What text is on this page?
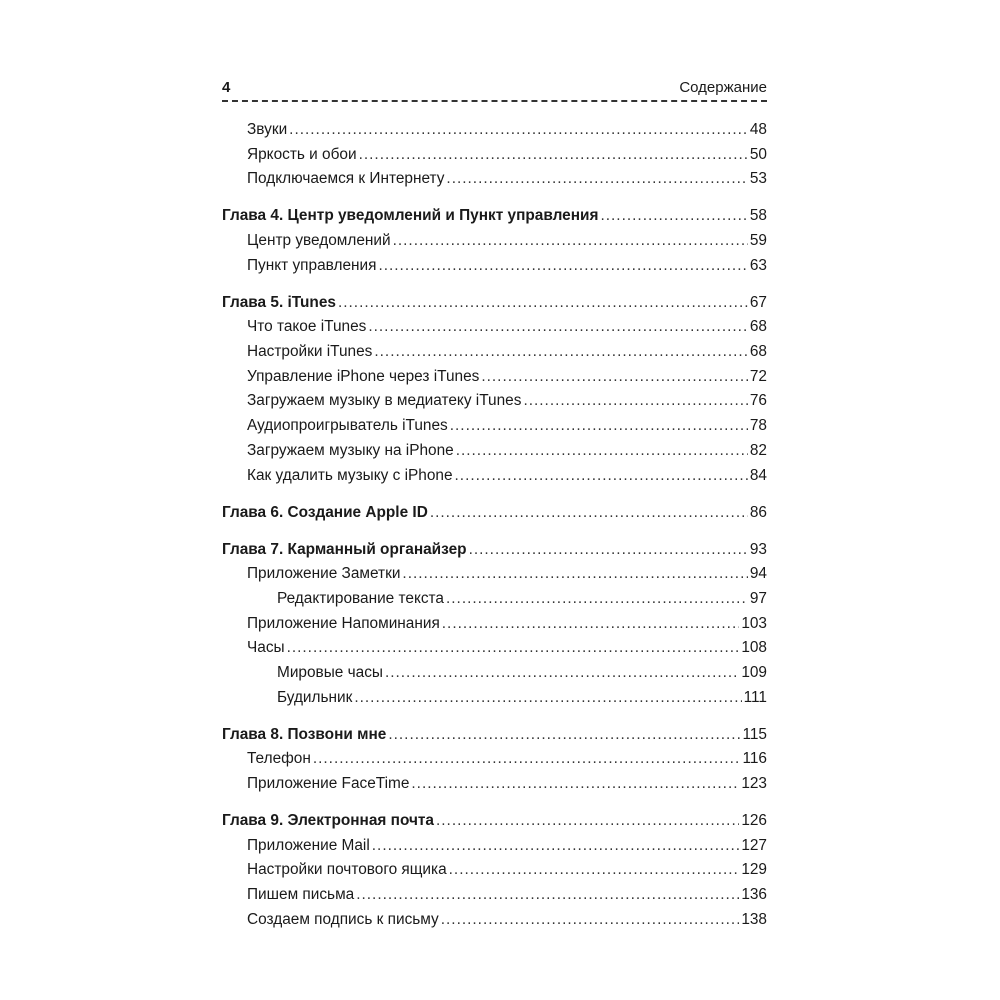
4	Содержание
Звуки .....	48
Яркость и обои .....	50
Подключаемся к Интернету .....	53
Глава 4. Центр уведомлений и Пункт управления .....	58
Центр уведомлений .....	59
Пункт управления .....	63
Глава 5. iTunes .....	67
Что такое iTunes .....	68
Настройки iTunes .....	68
Управление iPhone через iTunes .....	72
Загружаем музыку в медиатеку iTunes .....	76
Аудиопроигрыватель iTunes .....	78
Загружаем музыку на iPhone .....	82
Как удалить музыку с iPhone .....	84
Глава 6. Создание Apple ID .....	86
Глава 7. Карманный органайзер .....	93
Приложение Заметки .....	94
Редактирование текста .....	97
Приложение Напоминания .....	103
Часы .....	108
Мировые часы .....	109
Будильник .....	111
Глава 8. Позвони мне .....	115
Телефон .....	116
Приложение FaceTime .....	123
Глава 9. Электронная почта .....	126
Приложение Mail .....	127
Настройки почтового ящика .....	129
Пишем письма .....	136
Создаем подпись к письму .....	138
